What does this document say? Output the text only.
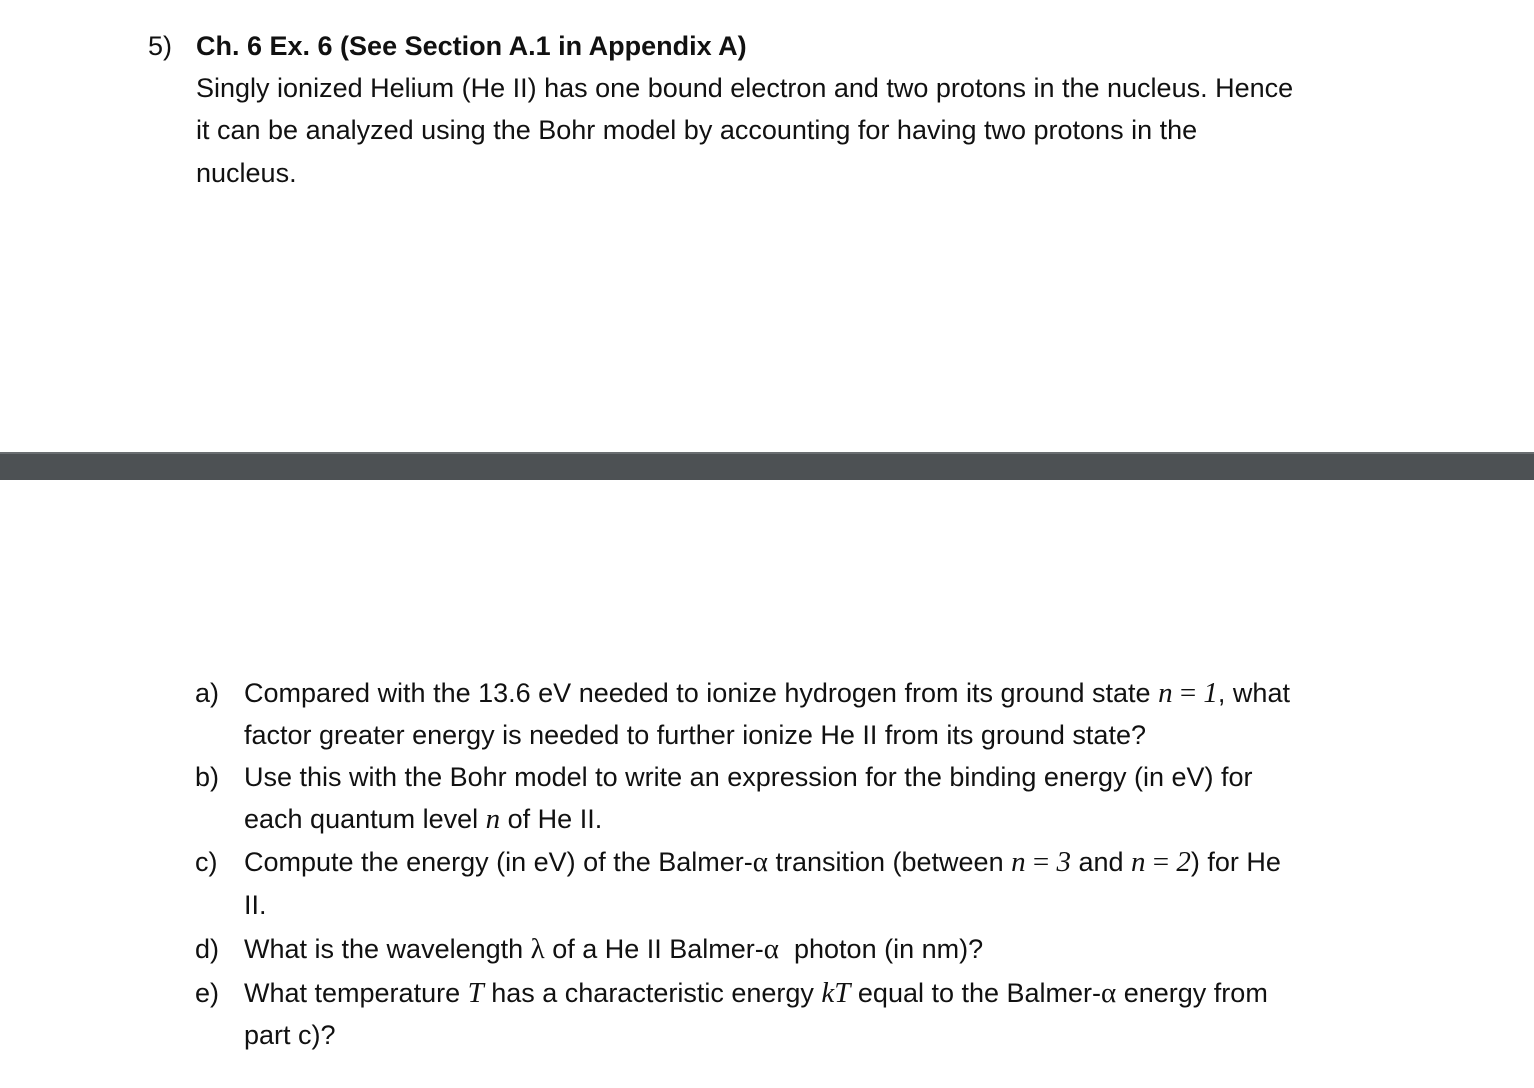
5) Ch. 6 Ex. 6 (See Section A.1 in Appendix A)
Singly ionized Helium (He II) has one bound electron and two protons in the nucleus. Hence
it can be analyzed using the Bohr model by accounting for having two protons in the
nucleus.
a) Compared with the 13.6 eV needed to ionize hydrogen from its ground state n = 1, what
factor greater energy is needed to further ionize He II from its ground state?
b) Use this with the Bohr model to write an expression for the binding energy (in eV) for
each quantum level n of He II.
c) Compute the energy (in eV) of the Balmer-α transition (between n = 3 and n = 2) for He
II.
d) What is the wavelength λ of a He II Balmer-α  photon (in nm)?
e) What temperature T has a characteristic energy kT equal to the Balmer-α energy from
part c)?
